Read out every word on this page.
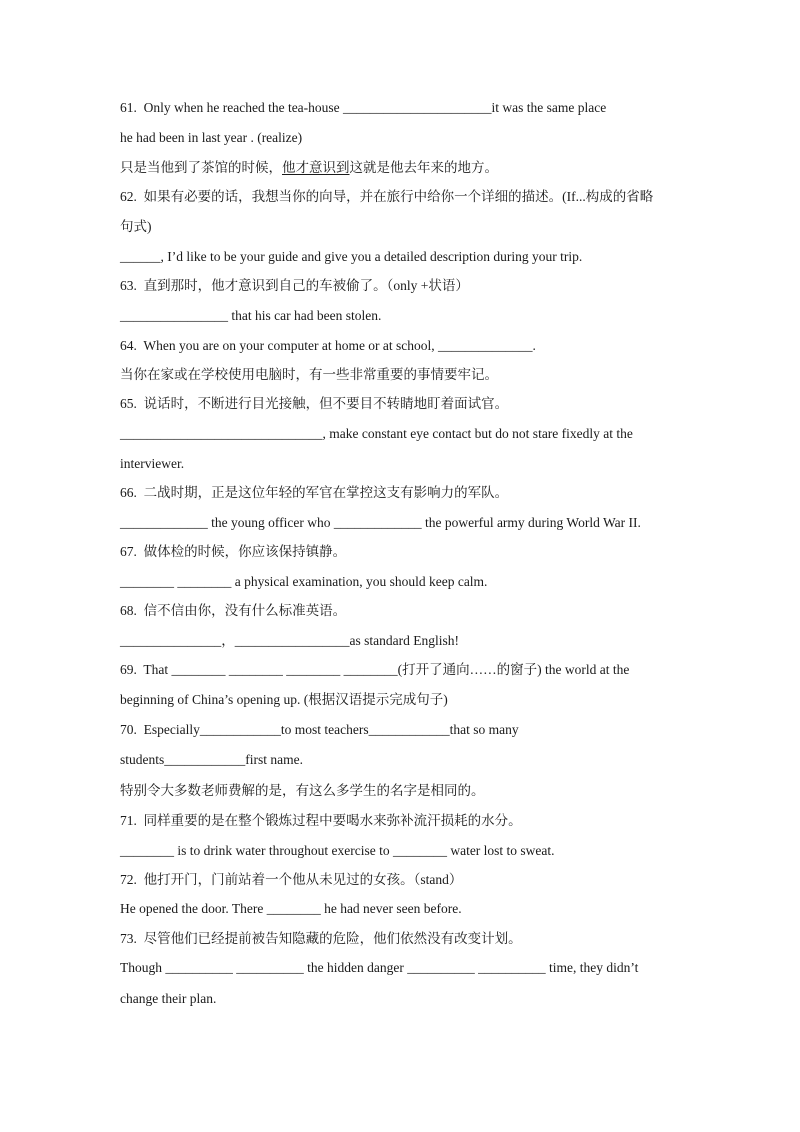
61.  Only when he reached the tea-house ______________________it was the same place
he had been in last year . (realize)
只是当他到了茶馆的时候，他才意识到这就是他去年来的地方。
62.  如果有必要的话，我想当你的向导，并在旅行中给你一个详细的描述。(If...构成的省略
句式)
______, I’d like to be your guide and give you a detailed description during your trip.
63.  直到那时，他才意识到自己的车被偷了。（only +状语）
________________ that his car had been stolen.
64.  When you are on your computer at home or at school, ______________.
当你在家或在学校使用电脑时，有一些非常重要的事情要牢记。
65.  说话时，不断进行目光接触，但不要目不转睛地盯着面试官。
______________________________, make constant eye contact but do not stare fixedly at the
interviewer.
66.  二战时期，正是这位年轻的军官在掌控这支有影响力的军队。
_____________ the young officer who _____________ the powerful army during World War II.
67.  做体检的时候，你应该保持镇静。
________ ________ a physical examination, you should keep calm.
68.  信不信由你，没有什么标准英语。
_______________，_________________as standard English!
69.  That ________ ________ ________ ________(打开了通向……的窗子) the world at the
beginning of China’s opening up. (根据汉语提示完成句子)
70.  Especially____________to most teachers____________that so many
students____________first name.
特别令大多数老师费解的是，有这么多学生的名字是相同的。
71.  同样重要的是在整个锻炼过程中要喝水来弥补流汗损耗的水分。
________ is to drink water throughout exercise to ________ water lost to sweat.
72.  他打开门，门前站着一个他从未见过的女孩。（stand）
He opened the door. There ________ he had never seen before.
73.  尽管他们已经提前被告知隐藏的危险，他们依然没有改变计划。
Though __________ __________ the hidden danger __________ __________ time, they didn’t
change their plan.
